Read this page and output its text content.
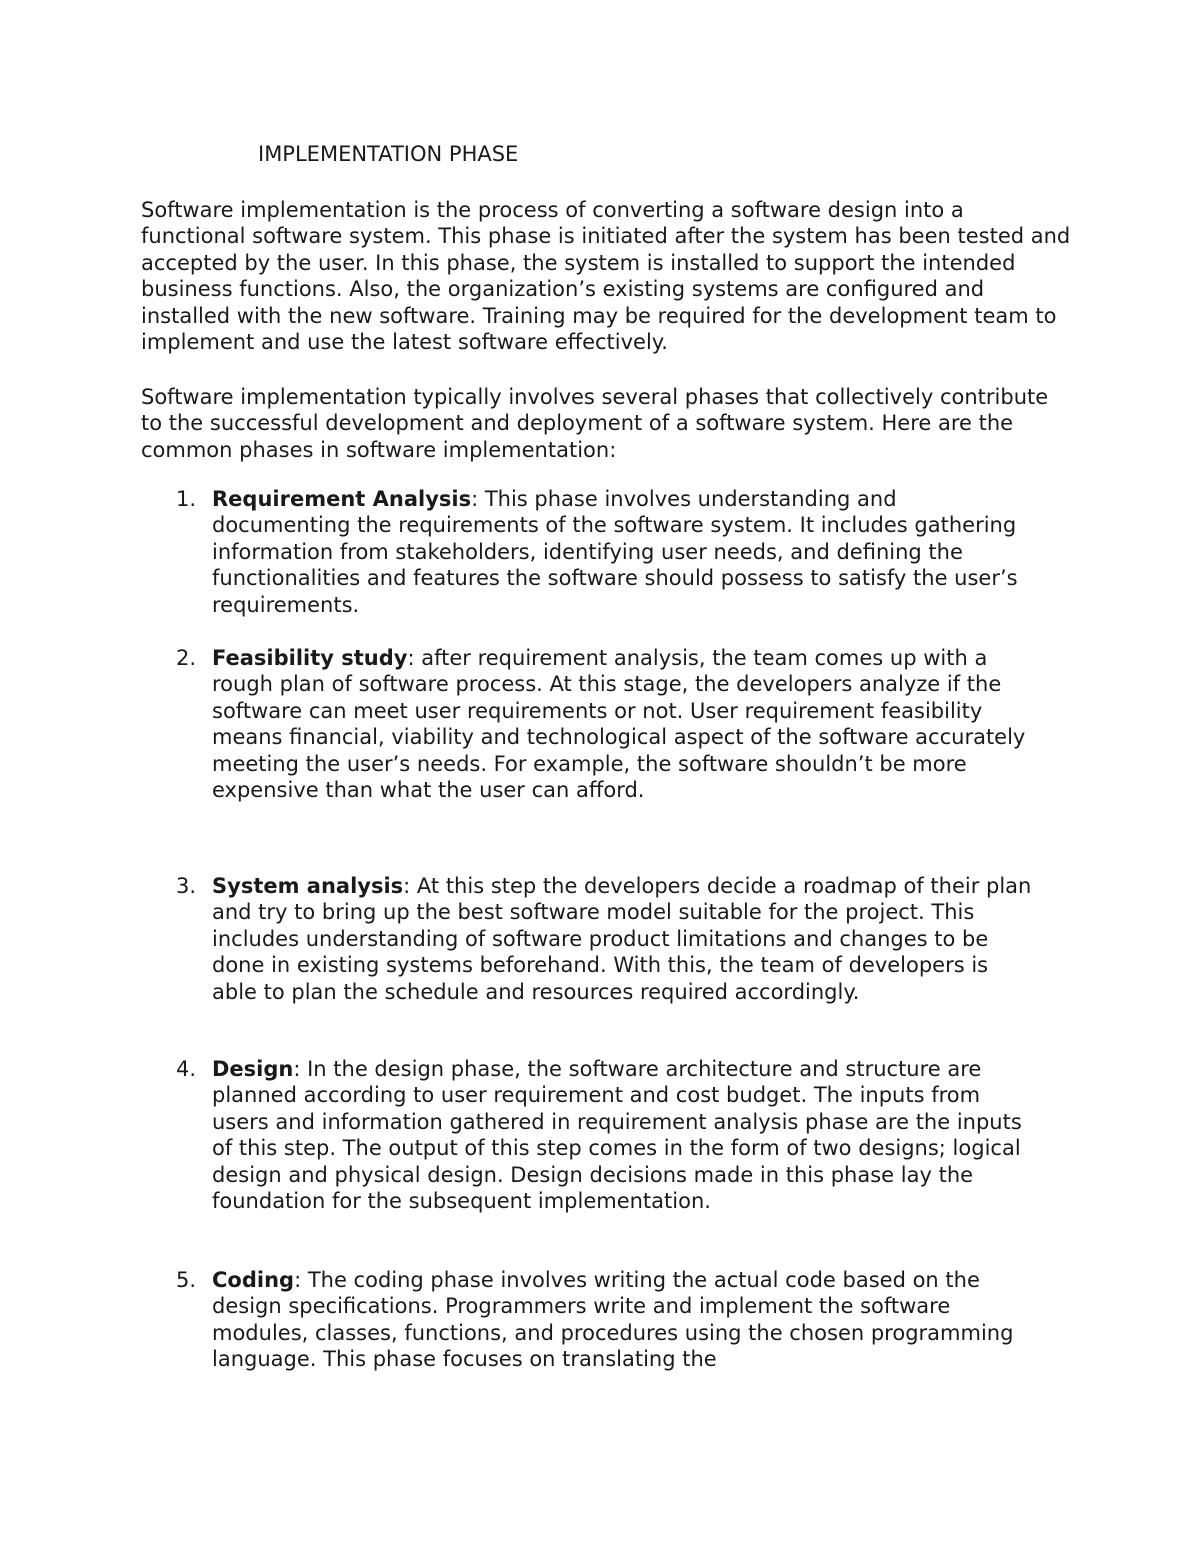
IMPLEMENTATION PHASE

Software implementation is the process of converting a software design into a functional software system. This phase is initiated after the system has been tested and accepted by the user. In this phase, the system is installed to support the intended business functions. Also, the organization’s existing systems are configured and installed with the new software. Training may be required for the development team to implement and use the latest software effectively.

Software implementation typically involves several phases that collectively contribute to the successful development and deployment of a software system. Here are the common phases in software implementation:

1. Requirement Analysis: This phase involves understanding and documenting the requirements of the software system. It includes gathering information from stakeholders, identifying user needs, and defining the functionalities and features the software should possess to satisfy the user’s requirements.
2. Feasibility study: after requirement analysis, the team comes up with a rough plan of software process. At this stage, the developers analyze if the software can meet user requirements or not. User requirement feasibility means financial, viability and technological aspect of the software accurately meeting the user’s needs. For example, the software shouldn’t be more expensive than what the user can afford.
3. System analysis: At this step the developers decide a roadmap of their plan and try to bring up the best software model suitable for the project. This includes understanding of software product limitations and changes to be done in existing systems beforehand. With this, the team of developers is able to plan the schedule and resources required accordingly.
4. Design: In the design phase, the software architecture and structure are planned according to user requirement and cost budget. The inputs from users and information gathered in requirement analysis phase are the inputs of this step. The output of this step comes in the form of two designs; logical design and physical design. Design decisions made in this phase lay the foundation for the subsequent implementation.
5. Coding: The coding phase involves writing the actual code based on the design specifications. Programmers write and implement the software modules, classes, functions, and procedures using the chosen programming language. This phase focuses on translating the
